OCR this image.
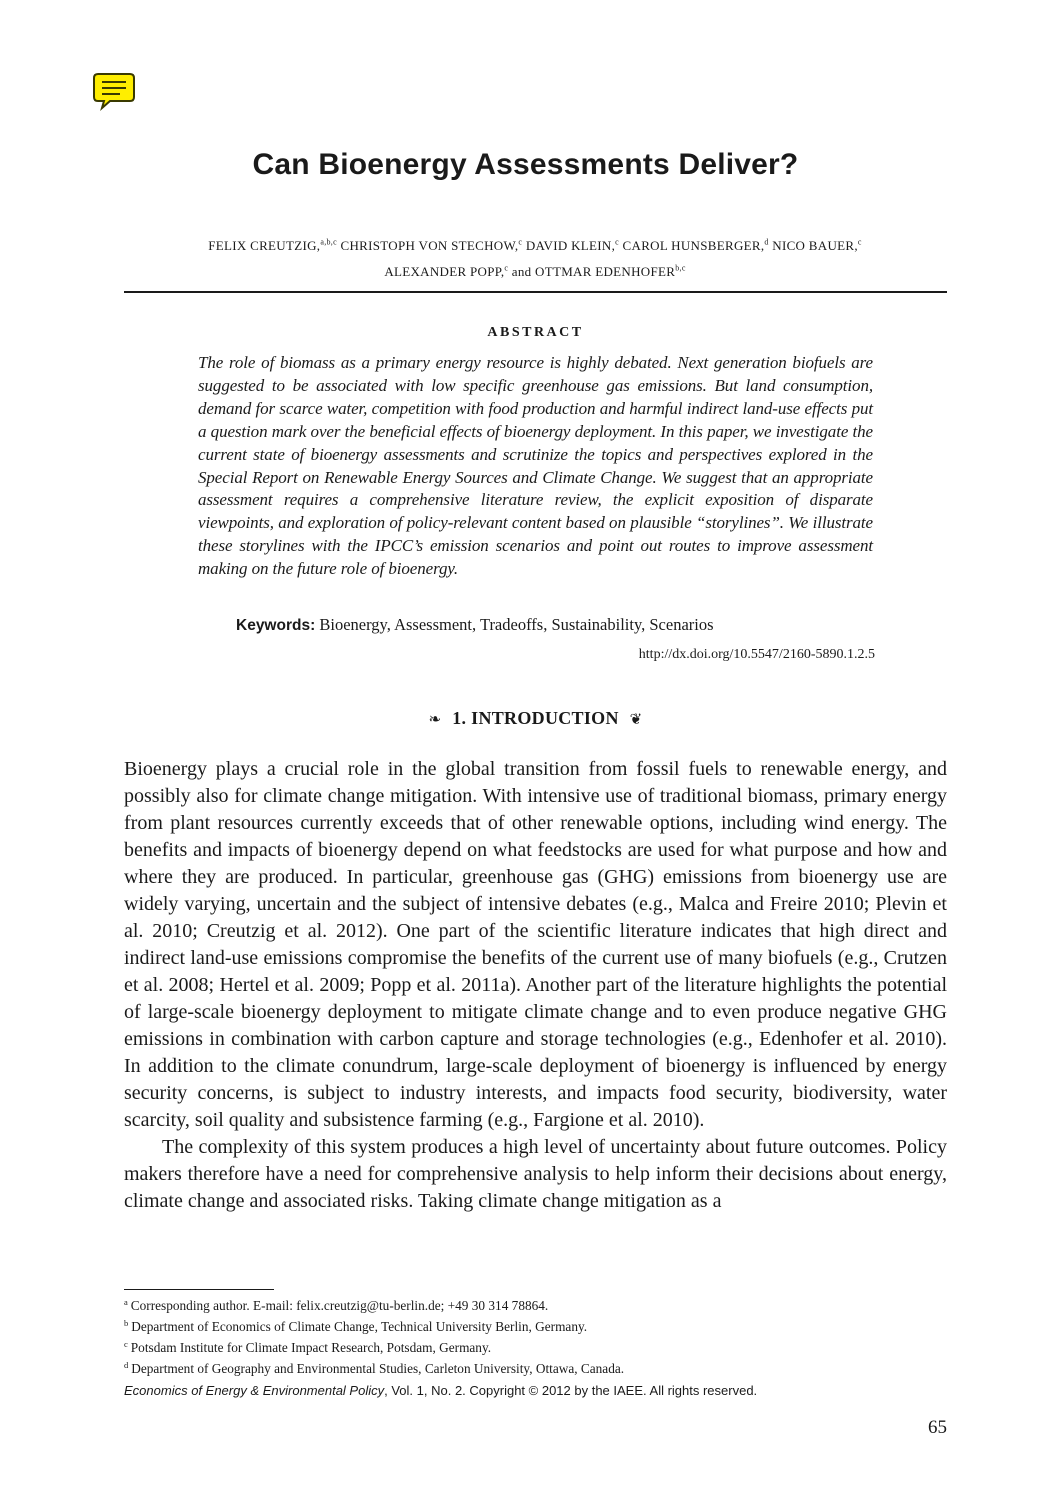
Can Bioenergy Assessments Deliver?
FELIX CREUTZIG,$^{a,b,c}$ CHRISTOPH VON STECHOW,$^c$ DAVID KLEIN,$^c$ CAROL HUNSBERGER,$^d$ NICO BAUER,$^c$
ALEXANDER POPP,$^c$ and OTTMAR EDENHOFER$^{b,c}$
ABSTRACT
The role of biomass as a primary energy resource is highly debated. Next generation biofuels are suggested to be associated with low specific greenhouse gas emissions. But land consumption, demand for scarce water, competition with food production and harmful indirect land-use effects put a question mark over the beneficial effects of bioenergy deployment. In this paper, we investigate the current state of bioenergy assessments and scrutinize the topics and perspectives explored in the Special Report on Renewable Energy Sources and Climate Change. We suggest that an appropriate assessment requires a comprehensive literature review, the explicit exposition of disparate viewpoints, and exploration of policy-relevant content based on plausible “storylines”. We illustrate these storylines with the IPCC’s emission scenarios and point out routes to improve assessment making on the future role of bioenergy.
Keywords: Bioenergy, Assessment, Tradeoffs, Sustainability, Scenarios
http://dx.doi.org/10.5547/2160-5890.1.2.5
❧ 1. INTRODUCTION ❦

Bioenergy plays a crucial role in the global transition from fossil fuels to renewable energy, and possibly also for climate change mitigation. With intensive use of traditional biomass, primary energy from plant resources currently exceeds that of other renewable options, including wind energy. The benefits and impacts of bioenergy depend on what feedstocks are used for what purpose and how and where they are produced. In particular, greenhouse gas (GHG) emissions from bioenergy use are widely varying, uncertain and the subject of intensive debates (e.g., Malca and Freire 2010; Plevin et al. 2010; Creutzig et al. 2012). One part of the scientific literature indicates that high direct and indirect land-use emissions compromise the benefits of the current use of many biofuels (e.g., Crutzen et al. 2008; Hertel et al. 2009; Popp et al. 2011a). Another part of the literature highlights the potential of large-scale bioenergy deployment to mitigate climate change and to even produce negative GHG emissions in combination with carbon capture and storage technologies (e.g., Edenhofer et al. 2010). In addition to the climate conundrum, large-scale deployment of bioenergy is influenced by energy security concerns, is subject to industry interests, and impacts food security, biodiversity, water scarcity, soil quality and subsistence farming (e.g., Fargione et al. 2010).

The complexity of this system produces a high level of uncertainty about future outcomes. Policy makers therefore have a need for comprehensive analysis to help inform their decisions about energy, climate change and associated risks. Taking climate change mitigation as a

$^a$ Corresponding author. E-mail: felix.creutzig@tu-berlin.de; +49 30 314 78864.
$^b$ Department of Economics of Climate Change, Technical University Berlin, Germany.
$^c$ Potsdam Institute for Climate Impact Research, Potsdam, Germany.
$^d$ Department of Geography and Environmental Studies, Carleton University, Ottawa, Canada.
Economics of Energy & Environmental Policy, Vol. 1, No. 2. Copyright © 2012 by the IAEE. All rights reserved.
65
